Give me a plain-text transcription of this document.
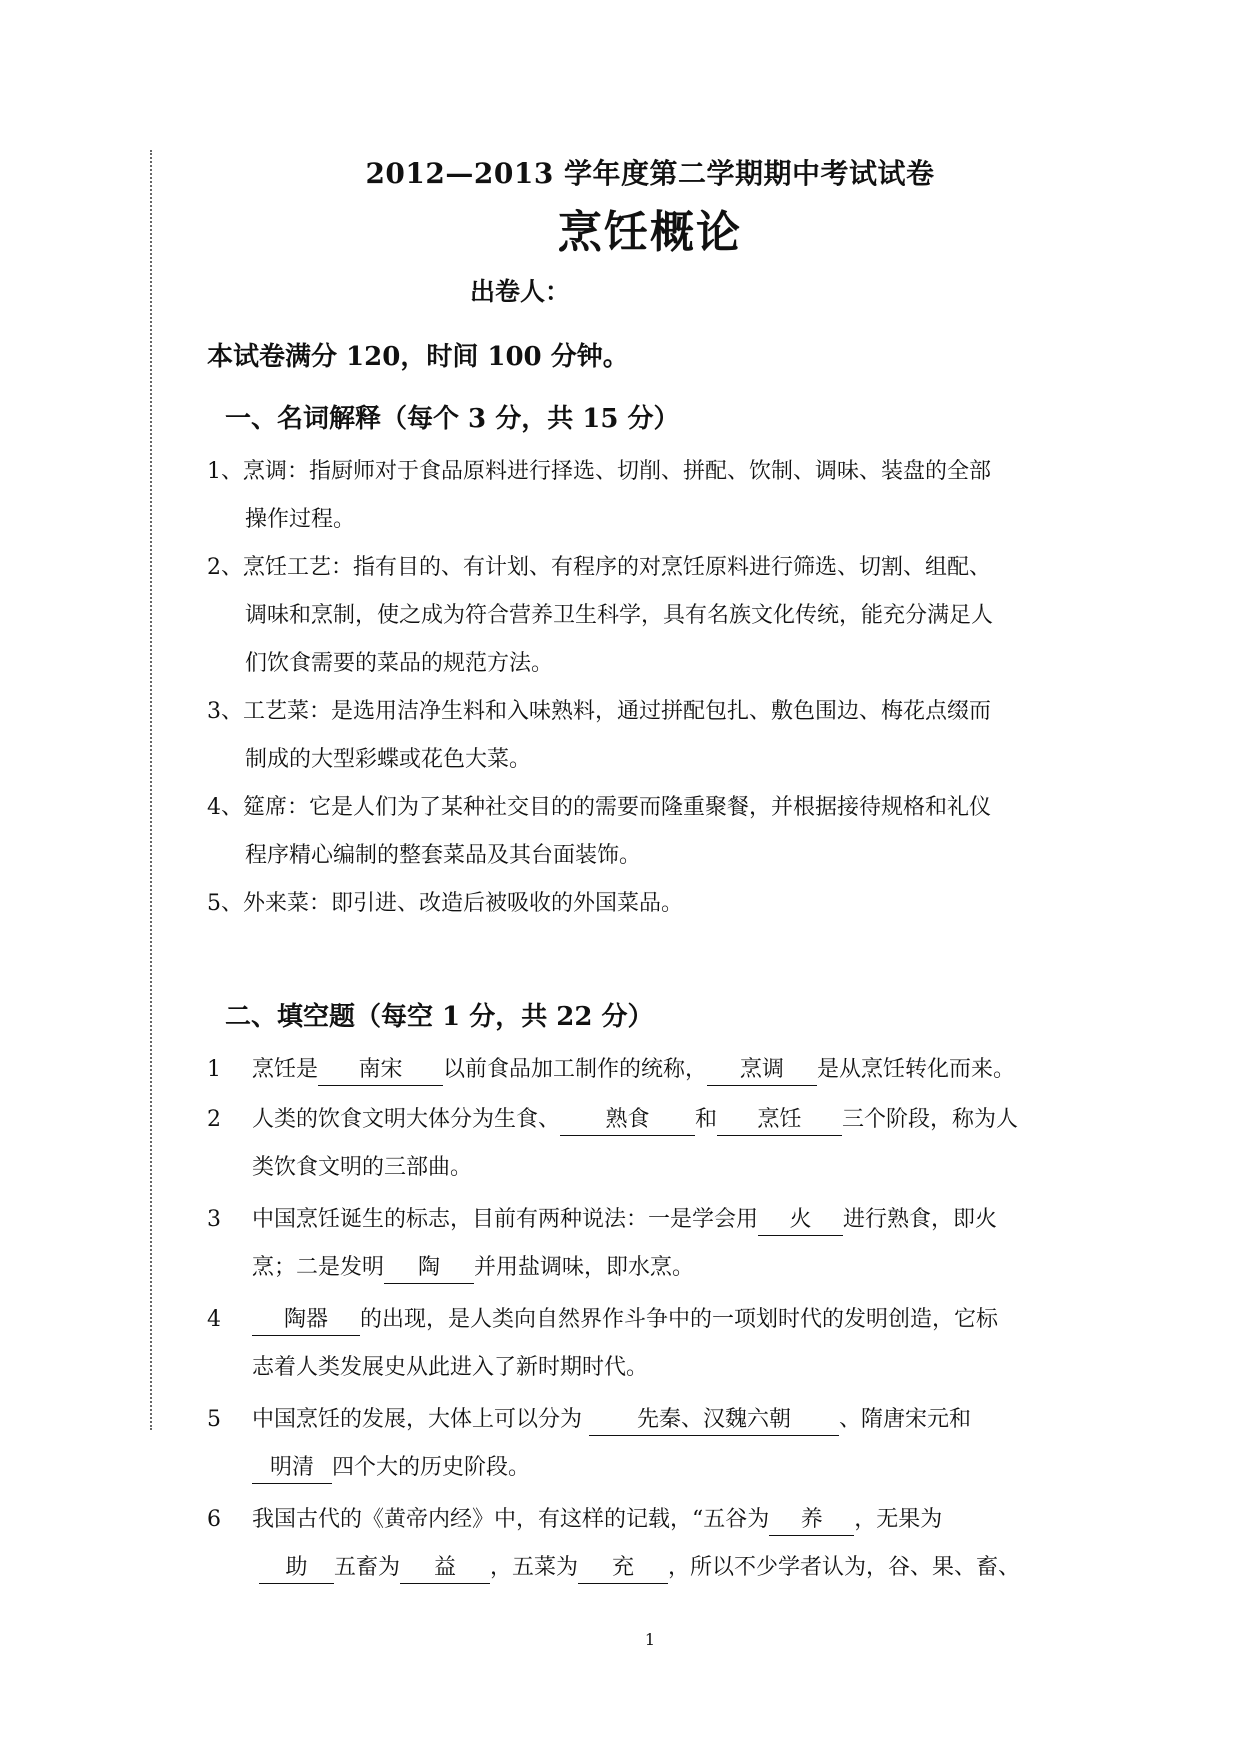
2012—2013 学年度第二学期期中考试试卷
烹饪概论
出卷人：
本试卷满分 120，时间 100 分钟。
一、名词解释（每个 3 分，共 15 分）
1、烹调：指厨师对于食品原料进行择选、切削、拼配、饮制、调味、装盘的全部
操作过程。
2、烹饪工艺：指有目的、有计划、有程序的对烹饪原料进行筛选、切割、组配、
调味和烹制，使之成为符合营养卫生科学，具有名族文化传统，能充分满足人
们饮食需要的菜品的规范方法。
3、工艺菜：是选用洁净生料和入味熟料，通过拼配包扎、敷色围边、梅花点缀而
制成的大型彩蝶或花色大菜。
4、筵席：它是人们为了某种社交目的的需要而隆重聚餐，并根据接待规格和礼仪
程序精心编制的整套菜品及其台面装饰。
5、外来菜：即引进、改造后被吸收的外国菜品。
二、填空题（每空 1 分，共 22 分）
1 烹饪是 南宋 以前食品加工制作的统称， 烹调 是从烹饪转化而来。
2 人类的饮食文明大体分为生食、 熟食 和 烹饪 三个阶段，称为人
类饮食文明的三部曲。
3 中国烹饪诞生的标志，目前有两种说法：一是学会用 火 进行熟食，即火
烹；二是发明 陶 并用盐调味，即水烹。
4	陶器 的出现，是人类向自然界作斗争中的一项划时代的发明创造，它标
志着人类发展史从此进入了新时期时代。
5 中国烹饪的发展，大体上可以分为 先秦、汉魏六朝 、隋唐宋元和
明清 四个大的历史阶段。
6 我国古代的《黄帝内经》中，有这样的记载，“五谷为 养 ，无果为
助 五畜为 益 ，五菜为 充 ，所以不少学者认为，谷、果、畜、
1
